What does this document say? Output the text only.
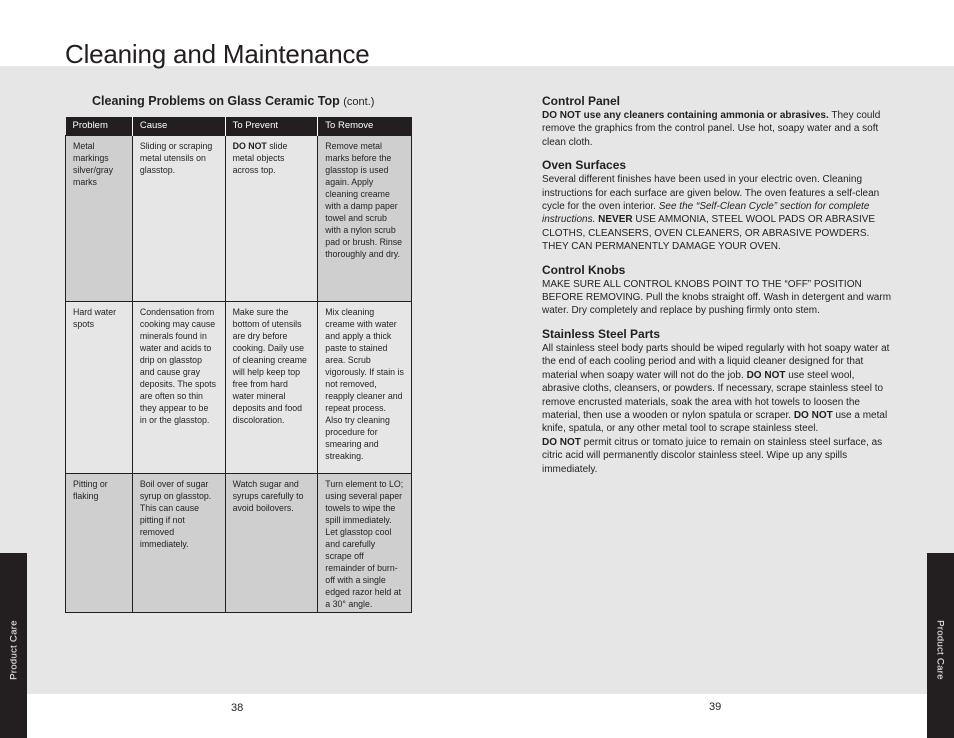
Cleaning and Maintenance
Cleaning Problems on Glass Ceramic Top (cont.)
Problem	Cause	To Prevent	To Remove
Metal markings silver/gray marks	Sliding or scraping metal utensils on glasstop.	DO NOT slide metal objects across top.	Remove metal marks before the glasstop is used again. Apply cleaning creame with a damp paper towel and scrub with a nylon scrub pad or brush. Rinse thoroughly and dry.
Hard water spots	Condensation from cooking may cause minerals found in water and acids to drip on glasstop and cause gray deposits. The spots are often so thin they appear to be in or the glasstop.	Make sure the bottom of utensils are dry before cooking. Daily use of cleaning creame will help keep top free from hard water mineral deposits and food discoloration.	Mix cleaning creame with water and apply a thick paste to stained area. Scrub vigorously. If stain is not removed, reapply cleaner and repeat process. Also try cleaning procedure for smearing and streaking.
Pitting or flaking	Boil over of sugar syrup on glasstop. This can cause pitting if not removed immediately.	Watch sugar and syrups carefully to avoid boilovers.	Turn element to LO; using several paper towels to wipe the spill immediately. Let glasstop cool and carefully scrape off remainder of burn-off with a single edged razor held at a 30° angle.
Control Panel

DO NOT use any cleaners containing ammonia or abrasives. They could remove the graphics from the control panel. Use hot, soapy water and a soft clean cloth.

Oven Surfaces

Several different finishes have been used in your electric oven. Cleaning instructions for each surface are given below. The oven features a self-clean cycle for the oven interior. See the “Self-Clean Cycle” section for complete instructions. NEVER USE AMMONIA, STEEL WOOL PADS OR ABRASIVE CLOTHS, CLEANSERS, OVEN CLEANERS, OR ABRASIVE POWDERS. THEY CAN PERMANENTLY DAMAGE YOUR OVEN.

Control Knobs

MAKE SURE ALL CONTROL KNOBS POINT TO THE “OFF” POSITION BEFORE REMOVING. Pull the knobs straight off. Wash in detergent and warm water. Dry completely and replace by pushing firmly onto stem.

Stainless Steel Parts

All stainless steel body parts should be wiped regularly with hot soapy water at the end of each cooling period and with a liquid cleaner designed for that material when soapy water will not do the job. DO NOT use steel wool, abrasive cloths, cleansers, or powders. If necessary, scrape stainless steel to remove encrusted materials, soak the area with hot towels to loosen the material, then use a wooden or nylon spatula or scraper. DO NOT use a metal knife, spatula, or any other metal tool to scrape stainless steel.
DO NOT permit citrus or tomato juice to remain on stainless steel surface, as citric acid will permanently discolor stainless steel. Wipe up any spills immediately.

Product Care	Product Care
38	39
